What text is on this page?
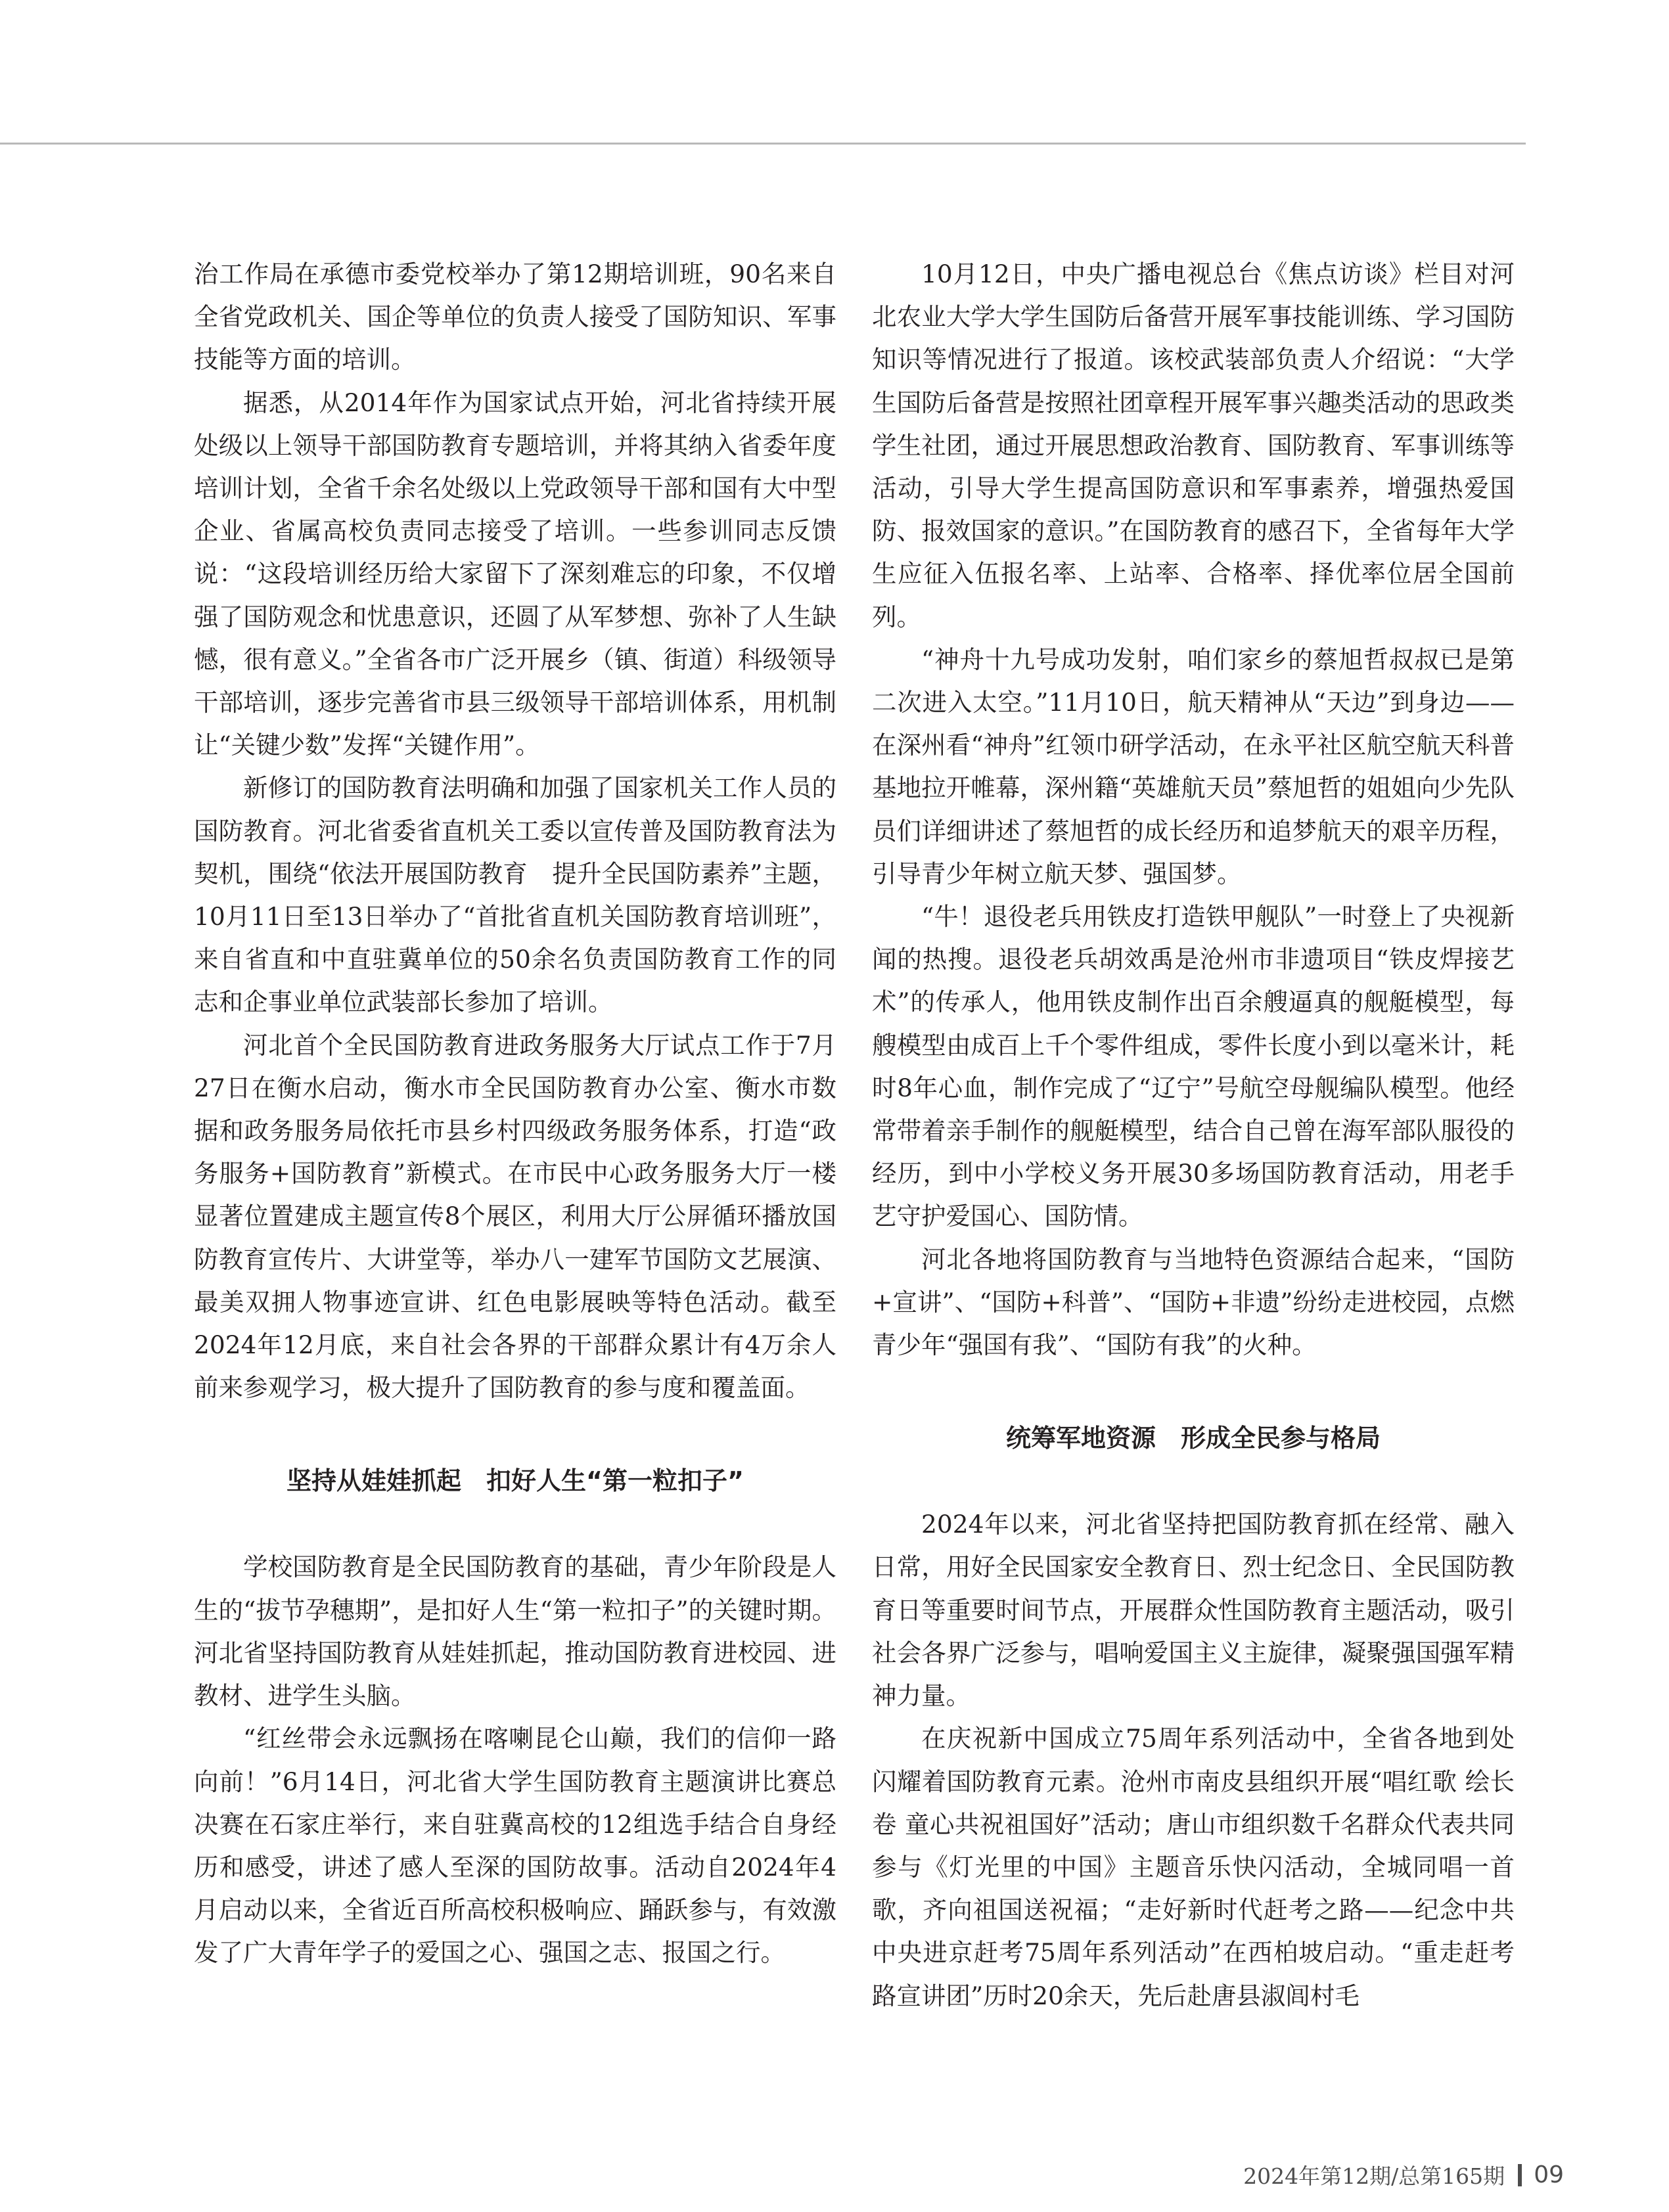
治工作局在承德市委党校举办了第12期培训班，90名来自全省党政机关、国企等单位的负责人接受了国防知识、军事技能等方面的培训。

据悉，从2014年作为国家试点开始，河北省持续开展处级以上领导干部国防教育专题培训，并将其纳入省委年度培训计划，全省千余名处级以上党政领导干部和国有大中型企业、省属高校负责同志接受了培训。一些参训同志反馈说：“这段培训经历给大家留下了深刻难忘的印象，不仅增强了国防观念和忧患意识，还圆了从军梦想、弥补了人生缺憾，很有意义。”全省各市广泛开展乡（镇、街道）科级领导干部培训，逐步完善省市县三级领导干部培训体系，用机制让“关键少数”发挥“关键作用”。

新修订的国防教育法明确和加强了国家机关工作人员的国防教育。河北省委省直机关工委以宣传普及国防教育法为契机，围绕“依法开展国防教育　提升全民国防素养”主题，10月11日至13日举办了“首批省直机关国防教育培训班”，来自省直和中直驻冀单位的50余名负责国防教育工作的同志和企事业单位武装部长参加了培训。

河北首个全民国防教育进政务服务大厅试点工作于7月27日在衡水启动，衡水市全民国防教育办公室、衡水市数据和政务服务局依托市县乡村四级政务服务体系，打造“政务服务+国防教育”新模式。在市民中心政务服务大厅一楼显著位置建成主题宣传8个展区，利用大厅公屏循环播放国防教育宣传片、大讲堂等，举办八一建军节国防文艺展演、最美双拥人物事迹宣讲、红色电影展映等特色活动。截至2024年12月底，来自社会各界的干部群众累计有4万余人前来参观学习，极大提升了国防教育的参与度和覆盖面。

坚持从娃娃抓起　扣好人生“第一粒扣子”

学校国防教育是全民国防教育的基础，青少年阶段是人生的“拔节孕穗期”，是扣好人生“第一粒扣子”的关键时期。河北省坚持国防教育从娃娃抓起，推动国防教育进校园、进教材、进学生头脑。

“红丝带会永远飘扬在喀喇昆仑山巅，我们的信仰一路向前！”6月14日，河北省大学生国防教育主题演讲比赛总决赛在石家庄举行，来自驻冀高校的12组选手结合自身经历和感受，讲述了感人至深的国防故事。活动自2024年4月启动以来，全省近百所高校积极响应、踊跃参与，有效激发了广大青年学子的爱国之心、强国之志、报国之行。

10月12日，中央广播电视总台《焦点访谈》栏目对河北农业大学大学生国防后备营开展军事技能训练、学习国防知识等情况进行了报道。该校武装部负责人介绍说：“大学生国防后备营是按照社团章程开展军事兴趣类活动的思政类学生社团，通过开展思想政治教育、国防教育、军事训练等活动，引导大学生提高国防意识和军事素养，增强热爱国防、报效国家的意识。”在国防教育的感召下，全省每年大学生应征入伍报名率、上站率、合格率、择优率位居全国前列。

“神舟十九号成功发射，咱们家乡的蔡旭哲叔叔已是第二次进入太空。”11月10日，航天精神从“天边”到身边——在深州看“神舟”红领巾研学活动，在永平社区航空航天科普基地拉开帷幕，深州籍“英雄航天员”蔡旭哲的姐姐向少先队员们详细讲述了蔡旭哲的成长经历和追梦航天的艰辛历程，引导青少年树立航天梦、强国梦。

“牛！退役老兵用铁皮打造铁甲舰队”一时登上了央视新闻的热搜。退役老兵胡效禹是沧州市非遗项目“铁皮焊接艺术”的传承人，他用铁皮制作出百余艘逼真的舰艇模型，每艘模型由成百上千个零件组成，零件长度小到以毫米计，耗时8年心血，制作完成了“辽宁”号航空母舰编队模型。他经常带着亲手制作的舰艇模型，结合自己曾在海军部队服役的经历，到中小学校义务开展30多场国防教育活动，用老手艺守护爱国心、国防情。

河北各地将国防教育与当地特色资源结合起来，“国防+宣讲”、“国防+科普”、“国防+非遗”纷纷走进校园，点燃青少年“强国有我”、“国防有我”的火种。

统筹军地资源　形成全民参与格局

2024年以来，河北省坚持把国防教育抓在经常、融入日常，用好全民国家安全教育日、烈士纪念日、全民国防教育日等重要时间节点，开展群众性国防教育主题活动，吸引社会各界广泛参与，唱响爱国主义主旋律，凝聚强国强军精神力量。

在庆祝新中国成立75周年系列活动中，全省各地到处闪耀着国防教育元素。沧州市南皮县组织开展“唱红歌 绘长卷 童心共祝祖国好”活动；唐山市组织数千名群众代表共同参与《灯光里的中国》主题音乐快闪活动，全城同唱一首歌，齐向祖国送祝福；“走好新时代赶考之路——纪念中共中央进京赶考75周年系列活动”在西柏坡启动。“重走赶考路宣讲团”历时20余天，先后赴唐县淑闾村毛

2024年第12期/总第165期 09
